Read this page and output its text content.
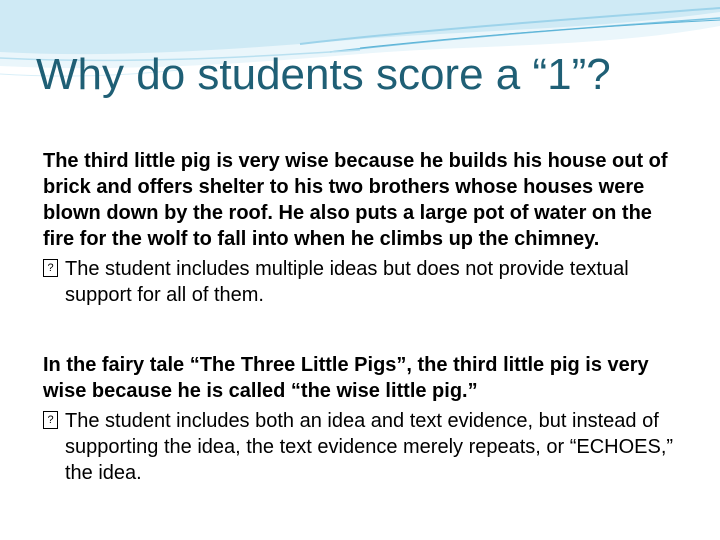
Why do students score a “1”?

The third little pig is very wise because he builds his house out of brick and offers shelter to his two brothers whose houses were blown down by the roof. He also puts a large pot of water on the fire for the wolf to fall into when he climbs up the chimney.

? The student includes multiple ideas but does not provide textual support for all of them.

In the fairy tale “The Three Little Pigs”, the third little pig is very wise because he is called “the wise little pig.”

? The student includes both an idea and text evidence, but instead of supporting the idea, the text evidence merely repeats, or “ECHOES,” the idea.
